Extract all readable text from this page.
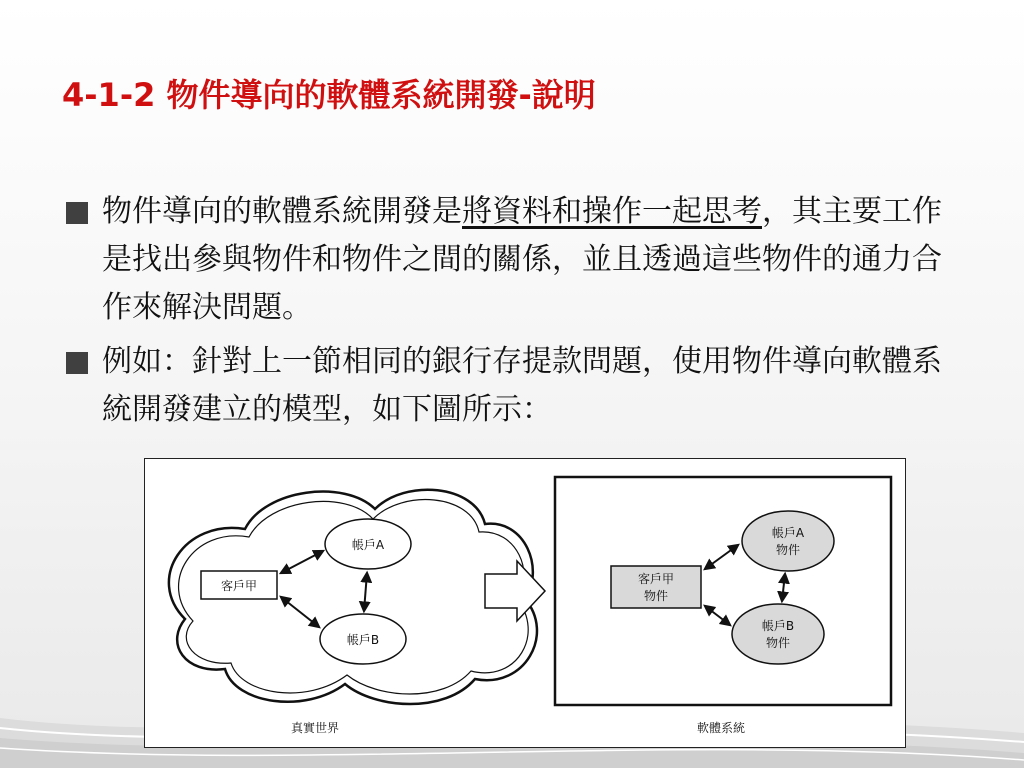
4-1-2 物件導向的軟體系統開發-說明
物件導向的軟體系統開發是將資料和操作一起思考，其主要工作是找出參與物件和物件之間的關係，並且透過這些物件的通力合作來解決問題。
例如：針對上一節相同的銀行存提款問題，使用物件導向軟體系統開發建立的模型，如下圖所示：
客戶甲
帳戶A
帳戶B
真實世界
客戶甲
物件
帳戶A
物件
帳戶B
物件
軟體系統
